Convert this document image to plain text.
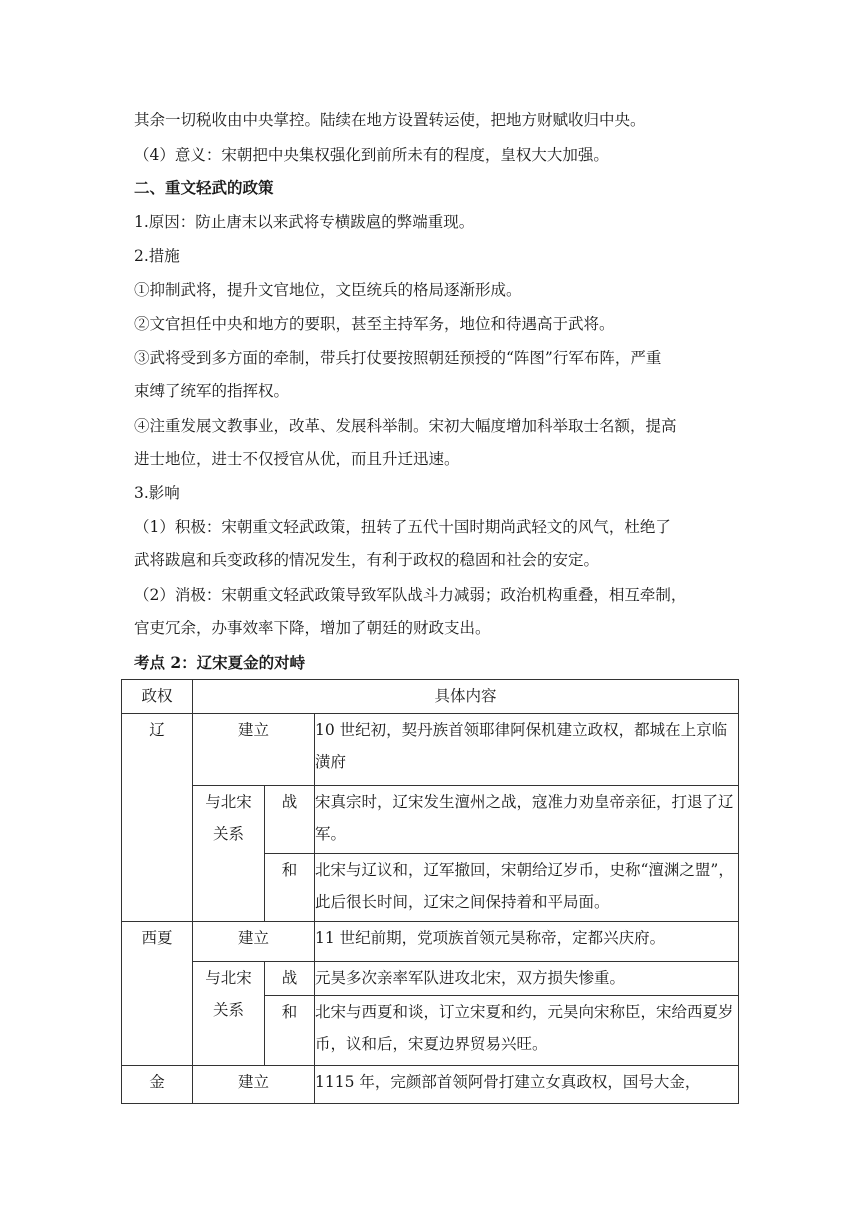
其余一切税收由中央掌控。陆续在地方设置转运使，把地方财赋收归中央。
（4）意义：宋朝把中央集权强化到前所未有的程度，皇权大大加强。
二、重文轻武的政策
1.原因：防止唐末以来武将专横跋扈的弊端重现。
2.措施
①抑制武将，提升文官地位，文臣统兵的格局逐渐形成。
②文官担任中央和地方的要职，甚至主持军务，地位和待遇高于武将。
③武将受到多方面的牵制，带兵打仗要按照朝廷预授的“阵图”行军布阵，严重
束缚了统军的指挥权。
④注重发展文教事业，改革、发展科举制。宋初大幅度增加科举取士名额，提高
进士地位，进士不仅授官从优，而且升迁迅速。
3.影响
（1）积极：宋朝重文轻武政策，扭转了五代十国时期尚武轻文的风气，杜绝了
武将跋扈和兵变政移的情况发生，有利于政权的稳固和社会的安定。
（2）消极：宋朝重文轻武政策导致军队战斗力减弱；政治机构重叠，相互牵制，
官吏冗余，办事效率下降，增加了朝廷的财政支出。
考点 2：辽宋夏金的对峙
政权	具体内容		
辽	建立		10 世纪初，契丹族首领耶律阿保机建立政权，都城在上京临潢府
	与北宋关系	战	宋真宗时，辽宋发生澶州之战，寇准力劝皇帝亲征，打退了辽军。
		和	北宋与辽议和，辽军撤回，宋朝给辽岁币，史称“澶渊之盟”，此后很长时间，辽宋之间保持着和平局面。
西夏	建立		11 世纪前期，党项族首领元昊称帝，定都兴庆府。
	与北宋关系	战	元昊多次亲率军队进攻北宋，双方损失惨重。
		和	北宋与西夏和谈，订立宋夏和约，元昊向宋称臣，宋给西夏岁币，议和后，宋夏边界贸易兴旺。
金	建立		1115 年，完颜部首领阿骨打建立女真政权，国号大金，
